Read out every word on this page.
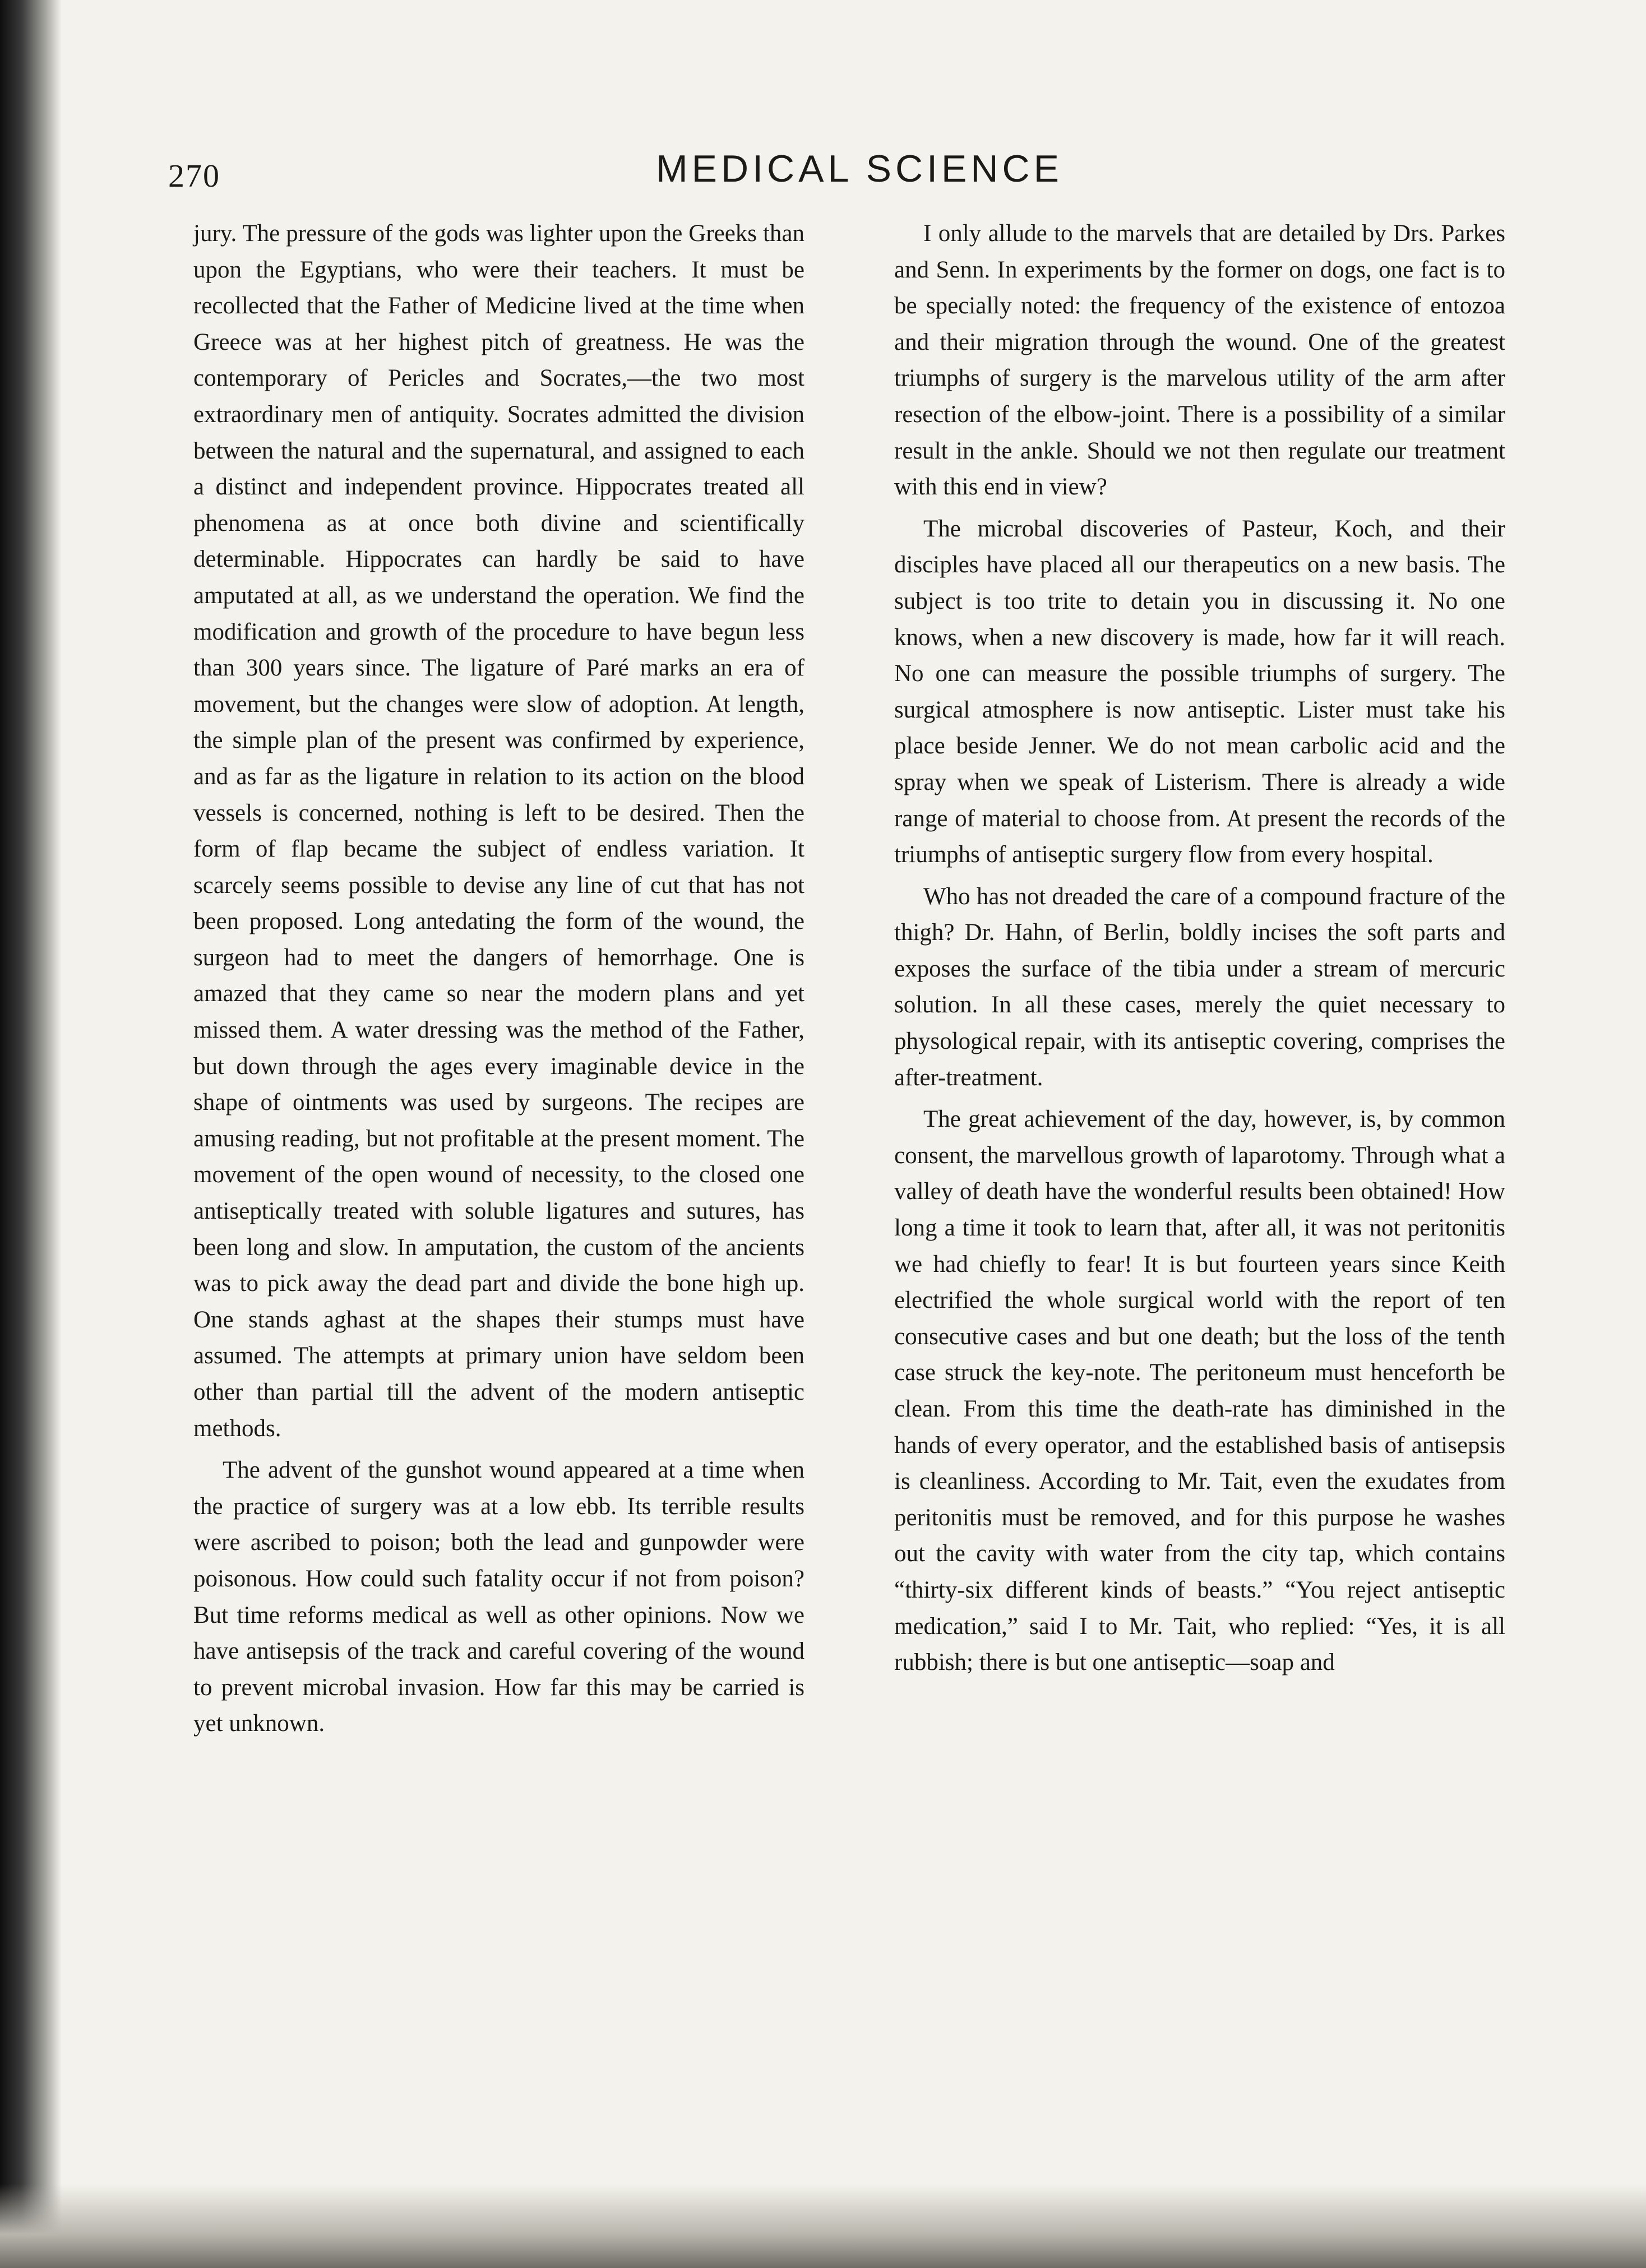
270	MEDICAL SCIENCE

jury. The pressure of the gods was lighter upon the Greeks than upon the Egyptians, who were their teachers. It must be recollected that the Father of Medicine lived at the time when Greece was at her highest pitch of greatness. He was the contemporary of Pericles and Socrates,—the two most extraordinary men of antiquity. Socrates admitted the division between the natural and the supernatural, and assigned to each a distinct and independent province. Hippocrates treated all phenomena as at once both divine and scientifically determinable. Hippocrates can hardly be said to have amputated at all, as we understand the operation. We find the modification and growth of the procedure to have begun less than 300 years since. The ligature of Paré marks an era of movement, but the changes were slow of adoption. At length, the simple plan of the present was confirmed by experience, and as far as the ligature in relation to its action on the blood vessels is concerned, nothing is left to be desired. Then the form of flap became the subject of endless variation. It scarcely seems possible to devise any line of cut that has not been proposed. Long antedating the form of the wound, the surgeon had to meet the dangers of hemorrhage. One is amazed that they came so near the modern plans and yet missed them. A water dressing was the method of the Father, but down through the ages every imaginable device in the shape of ointments was used by surgeons. The recipes are amusing reading, but not profitable at the present moment. The movement of the open wound of necessity, to the closed one antiseptically treated with soluble ligatures and sutures, has been long and slow. In amputation, the custom of the ancients was to pick away the dead part and divide the bone high up. One stands aghast at the shapes their stumps must have assumed. The attempts at primary union have seldom been other than partial till the advent of the modern antiseptic methods.

The advent of the gunshot wound appeared at a time when the practice of surgery was at a low ebb. Its terrible results were ascribed to poison; both the lead and gunpowder were poisonous. How could such fatality occur if not from poison? But time reforms medical as well as other opinions. Now we have antisepsis of the track and careful covering of the wound to prevent microbal invasion. How far this may be carried is yet unknown.

I only allude to the marvels that are detailed by Drs. Parkes and Senn. In experiments by the former on dogs, one fact is to be specially noted: the frequency of the existence of entozoa and their migration through the wound. One of the greatest triumphs of surgery is the marvelous utility of the arm after resection of the elbow-joint. There is a possibility of a similar result in the ankle. Should we not then regulate our treatment with this end in view?

The microbal discoveries of Pasteur, Koch, and their disciples have placed all our therapeutics on a new basis. The subject is too trite to detain you in discussing it. No one knows, when a new discovery is made, how far it will reach. No one can measure the possible triumphs of surgery. The surgical atmosphere is now antiseptic. Lister must take his place beside Jenner. We do not mean carbolic acid and the spray when we speak of Listerism. There is already a wide range of material to choose from. At present the records of the triumphs of antiseptic surgery flow from every hospital.

Who has not dreaded the care of a compound fracture of the thigh? Dr. Hahn, of Berlin, boldly incises the soft parts and exposes the surface of the tibia under a stream of mercuric solution. In all these cases, merely the quiet necessary to physological repair, with its antiseptic covering, comprises the after-treatment.

The great achievement of the day, however, is, by common consent, the marvellous growth of laparotomy. Through what a valley of death have the wonderful results been obtained! How long a time it took to learn that, after all, it was not peritonitis we had chiefly to fear! It is but fourteen years since Keith electrified the whole surgical world with the report of ten consecutive cases and but one death; but the loss of the tenth case struck the key-note. The peritoneum must henceforth be clean. From this time the death-rate has diminished in the hands of every operator, and the established basis of antisepsis is cleanliness. According to Mr. Tait, even the exudates from peritonitis must be removed, and for this purpose he washes out the cavity with water from the city tap, which contains “thirty-six different kinds of beasts.” “You reject antiseptic medication,” said I to Mr. Tait, who replied: “Yes, it is all rubbish; there is but one antiseptic—soap and
